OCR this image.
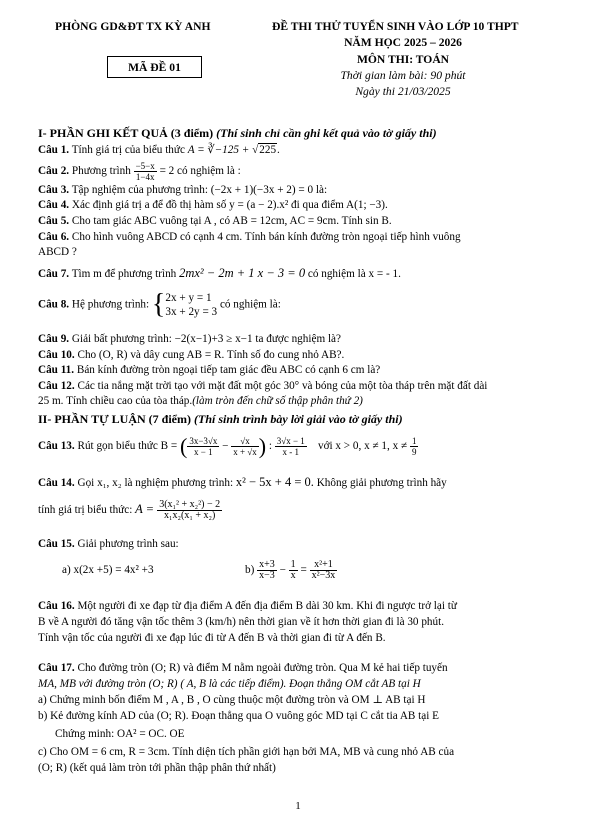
PHÒNG GD&ĐT TX KỲ ANH	ĐỀ THI THỬ TUYỂN SINH VÀO LỚP 10 THPT
NĂM HỌC 2025 – 2026
MÃ ĐỀ 01
MÔN THI: TOÁN
Thời gian làm bài: 90 phút
Ngày thi 21/03/2025
I- PHẦN GHI KẾT QUẢ (3 điểm) (Thí sinh chỉ cần ghi kết quả vào tờ giấy thi)
Câu 1. Tính giá trị của biểu thức A = ∛−125 + √225.
Câu 2. Phương trình $\frac{-5-x}{1-4x} = 2$ có nghiệm là :
Câu 3. Tập nghiệm của phương trình: (−2x + 1)(−3x + 2) = 0 là:
Câu 4. Xác định giá trị a để đồ thị hàm số y = (a − 2).x² đi qua điểm A(1; −3).
Câu 5. Cho tam giác ABC vuông tại A , có AB = 12cm, AC = 9cm. Tính sin B.
Câu 6. Cho hình vuông ABCD có cạnh 4 cm. Tính bán kính đường tròn ngoại tiếp hình vuông
ABCD ?
Câu 7. Tìm m để phương trình 2mx² − 2m + 1 x − 3 = 0 có nghiệm là x = - 1.
Câu 8. Hệ phương trình: { 2x + y = 1
3x + 2y = 3
có nghiệm là:
Câu 9. Giải bất phương trình: −2(x−1)+3 ≥ x−1 ta được nghiệm là?
Câu 10. Cho (O, R) và dây cung AB = R. Tính số đo cung nhỏ AB?.
Câu 11. Bán kính đường tròn ngoại tiếp tam giác đều ABC có cạnh 6 cm là?
Câu 12. Các tia nắng mặt trời tạo với mặt đất một góc 30° và bóng của một tòa tháp trên mặt đất dài
25 m. Tính chiều cao của tòa tháp.(làm tròn đến chữ số thập phân thứ 2)
II- PHẦN TỰ LUẬN (7 điểm) (Thí sinh trình bày lời giải vào tờ giấy thi)
Câu 13. Rút gọn biểu thức B = ( $\frac{3x-3√x}{x - 1} - \frac{√x}{x + √x}$ ) : $\frac{3√x - 1}{x - 1}$ với x > 0, x ≠ 1, $x \ne \frac{1}{9}$
Câu 14. Gọi x₁, x₂ là nghiệm phương trình: x² − 5x + 4 = 0. Không giải phương trình hãy
tính giá trị biểu thức: $A = \frac{\text{3(x₁² + x₂²) − 2}}{\text{x₁x₂(x₁ + x₂)}}$
Câu 15. Giải phương trình sau:
a) x(2x +5) = 4x² +3	$b) \frac{x+3}{x-3} - \frac{1}{x} = \frac{\text{x²+1}}{\text{x²−3x}}$
Câu 16. Một người đi xe đạp từ địa điểm A đến địa điểm B dài 30 km. Khi đi ngược trở lại từ
B về A người đó tăng vận tốc thêm 3 (km/h) nên thời gian về ít hơn thời gian đi là 30 phút.
Tính vận tốc của người đi xe đạp lúc đi từ A đến B và thời gian đi từ A đến B.
Câu 17. Cho đường tròn (O; R) và điểm M nằm ngoài đường tròn. Qua M kẻ hai tiếp tuyến
MA, MB với đường tròn (O; R) ( A, B là các tiếp điểm). Đoạn thẳng OM cắt AB tại H
a) Chứng minh bốn điểm M , A , B , O cùng thuộc một đường tròn và OM ⊥ AB tại H
b) Kẻ đường kính AD của (O; R). Đoạn thẳng qua O vuông góc MD tại C cắt tia AB tại E
Chứng minh: OA² = OC. OE
c) Cho OM = 6 cm, R = 3cm. Tính diện tích phần giới hạn bởi MA, MB và cung nhỏ AB của
(O; R) (kết quả làm tròn tới phần thập phân thứ nhất)
1
